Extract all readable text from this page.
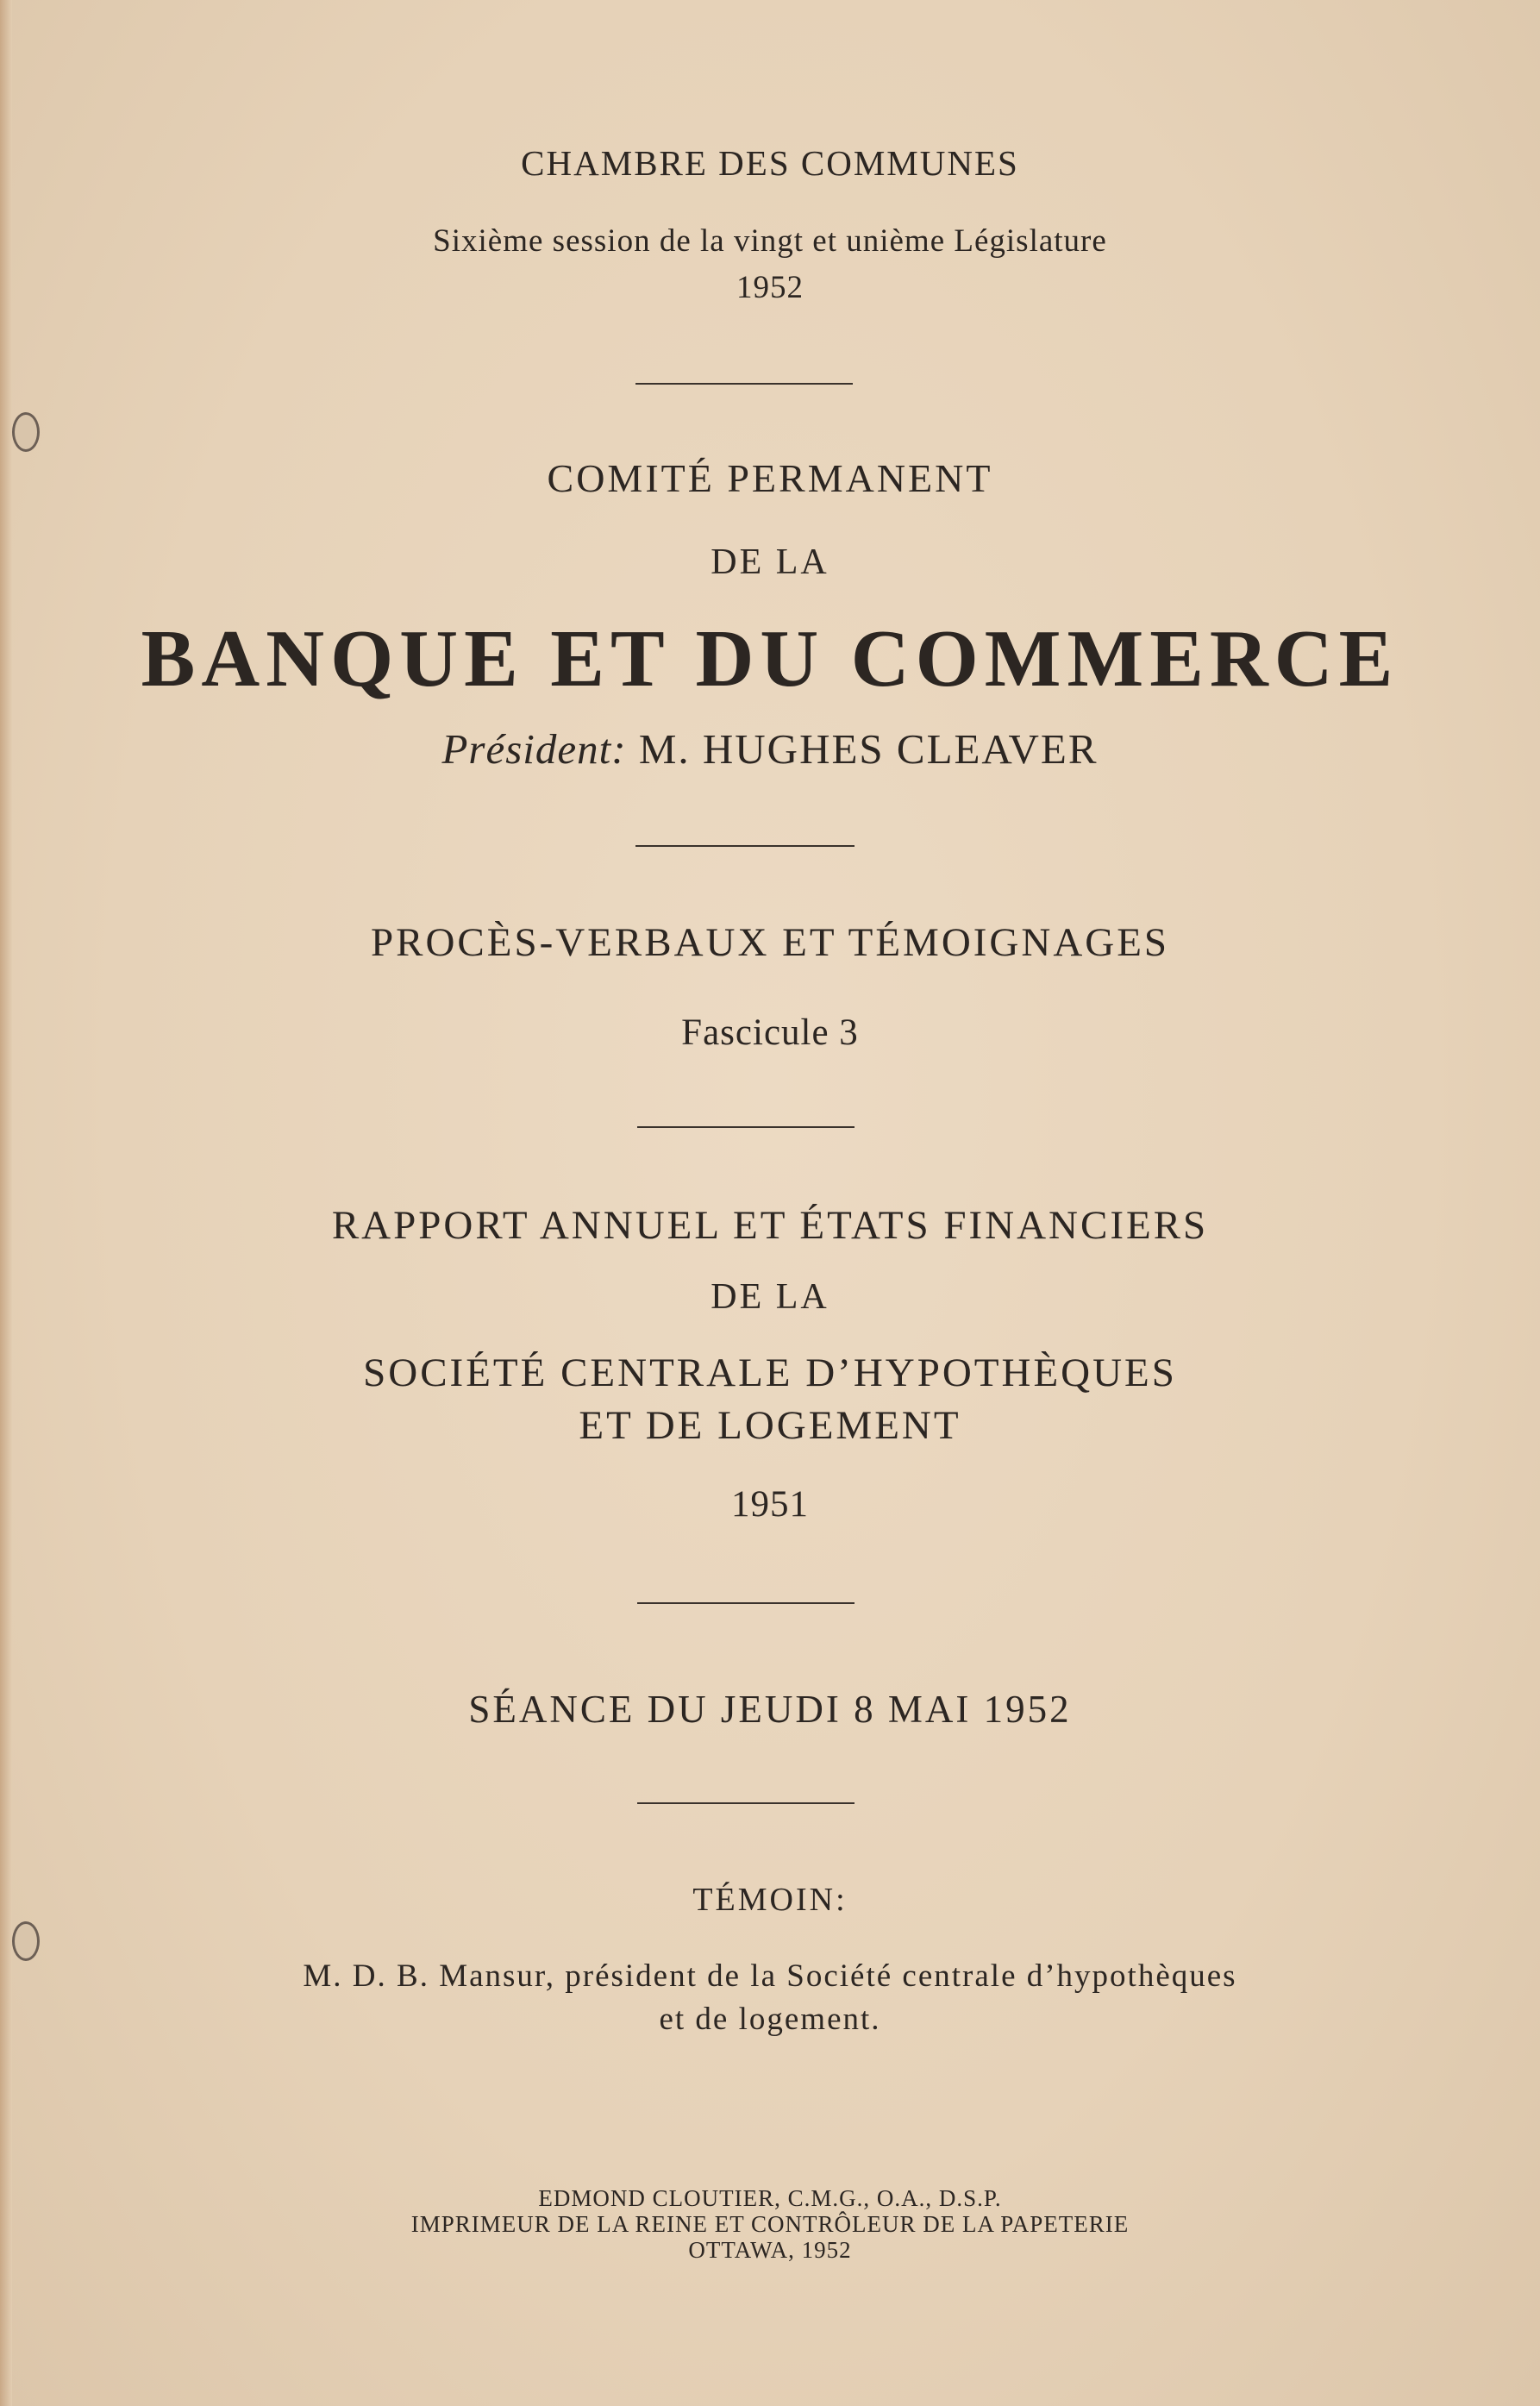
CHAMBRE DES COMMUNES
Sixième session de la vingt et unième Législature
1952
COMITÉ PERMANENT
DE LA
BANQUE ET DU COMMERCE
Président: M. HUGHES CLEAVER
PROCÈS-VERBAUX ET TÉMOIGNAGES
Fascicule 3
RAPPORT ANNUEL ET ÉTATS FINANCIERS
DE LA
SOCIÉTÉ CENTRALE D’HYPOTHÈQUES
ET DE LOGEMENT
1951
SÉANCE DU JEUDI 8 MAI 1952
TÉMOIN:
M. D. B. Mansur, président de la Société centrale d’hypothèques
et de logement.
EDMOND CLOUTIER, C.M.G., O.A., D.S.P.
IMPRIMEUR DE LA REINE ET CONTRÔLEUR DE LA PAPETERIE
OTTAWA, 1952
